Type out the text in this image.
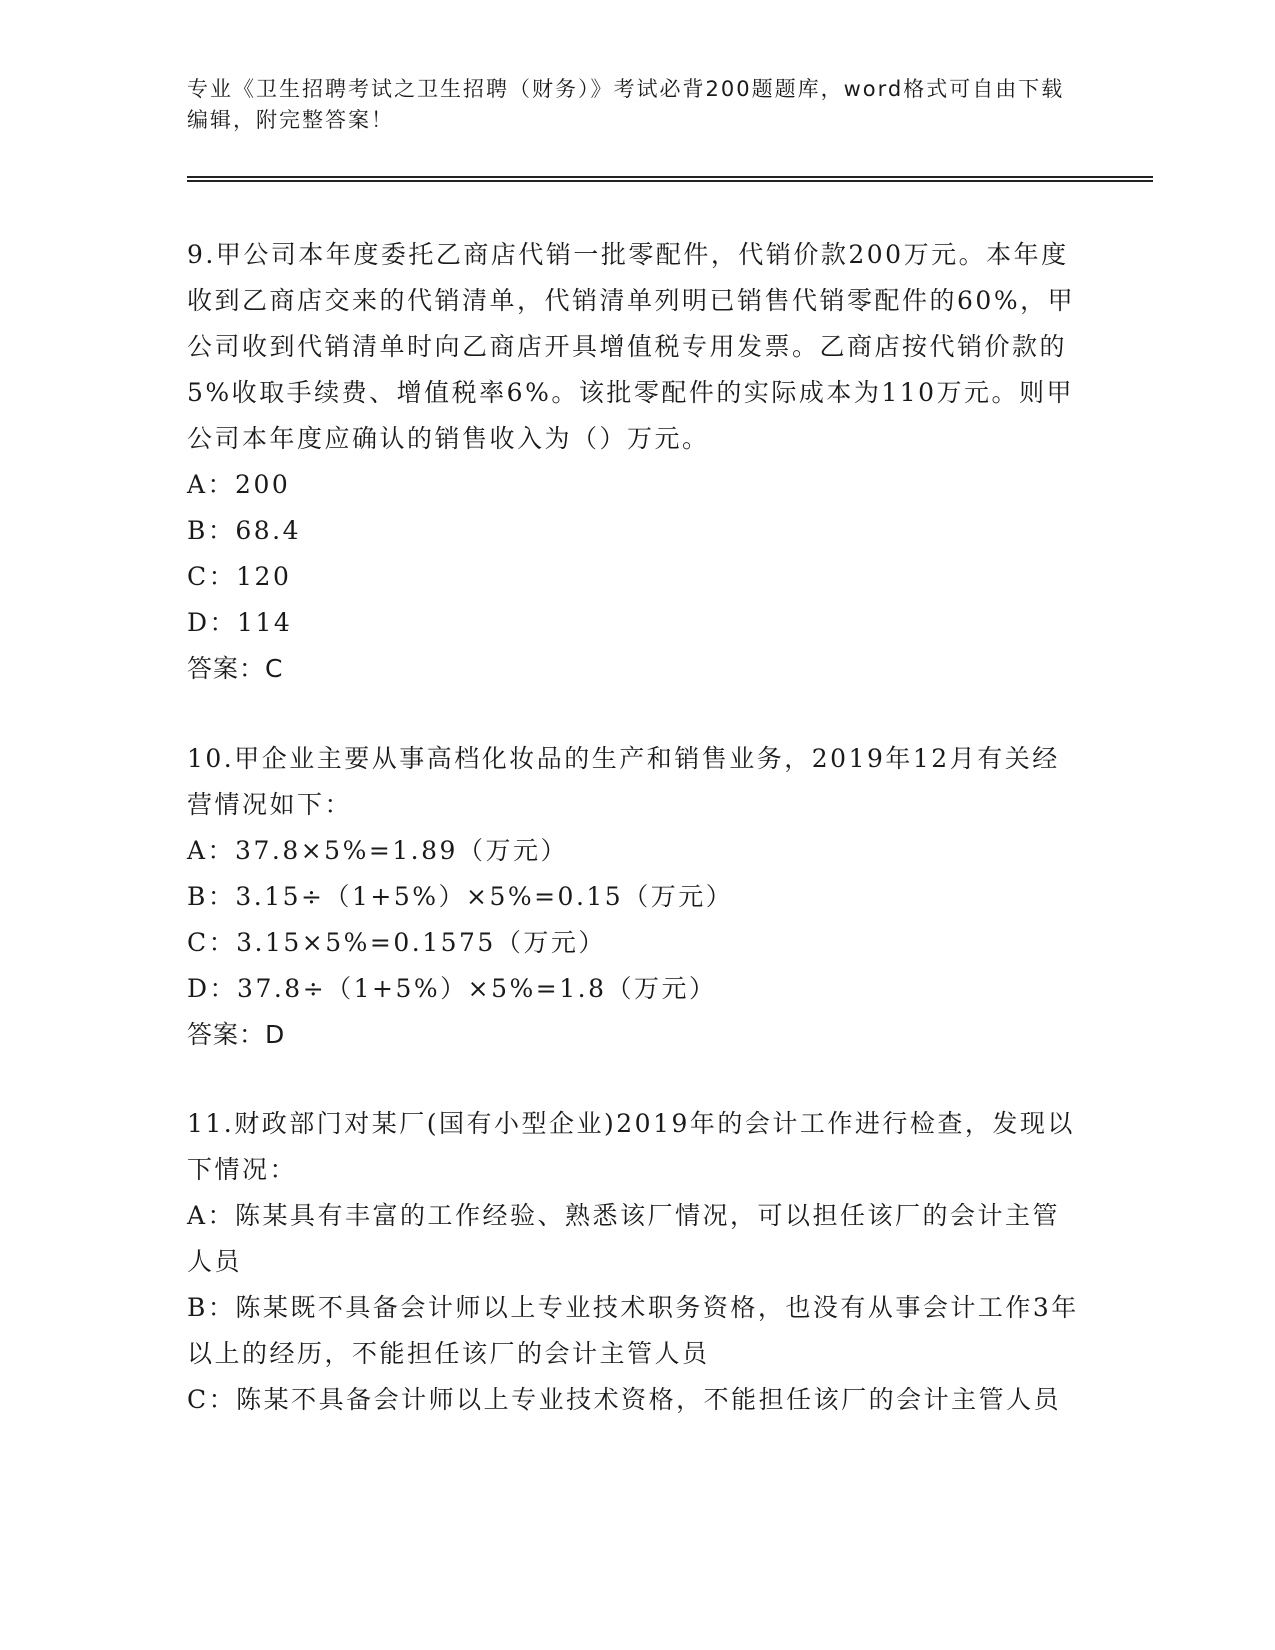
专业《卫生招聘考试之卫生招聘（财务）》考试必背200题题库，word格式可自由下载编辑，附完整答案！

9.甲公司本年度委托乙商店代销一批零配件，代销价款200万元。本年度收到乙商店交来的代销清单，代销清单列明已销售代销零配件的60%，甲公司收到代销清单时向乙商店开具增值税专用发票。乙商店按代销价款的5%收取手续费、增值税率6%。该批零配件的实际成本为110万元。则甲公司本年度应确认的销售收入为（）万元。

A：200

B：68.4

C：120

D：114

答案：C

10.甲企业主要从事高档化妆品的生产和销售业务，2019年12月有关经营情况如下：

A：37.8×5%=1.89（万元）

B：3.15÷（1+5%）×5%=0.15（万元）

C：3.15×5%=0.1575（万元）

D：37.8÷（1+5%）×5%=1.8（万元）

答案：D

11.财政部门对某厂(国有小型企业)2019年的会计工作进行检查，发现以下情况：

A：陈某具有丰富的工作经验、熟悉该厂情况，可以担任该厂的会计主管人员

B：陈某既不具备会计师以上专业技术职务资格，也没有从事会计工作3年以上的经历，不能担任该厂的会计主管人员

C：陈某不具备会计师以上专业技术资格，不能担任该厂的会计主管人员
